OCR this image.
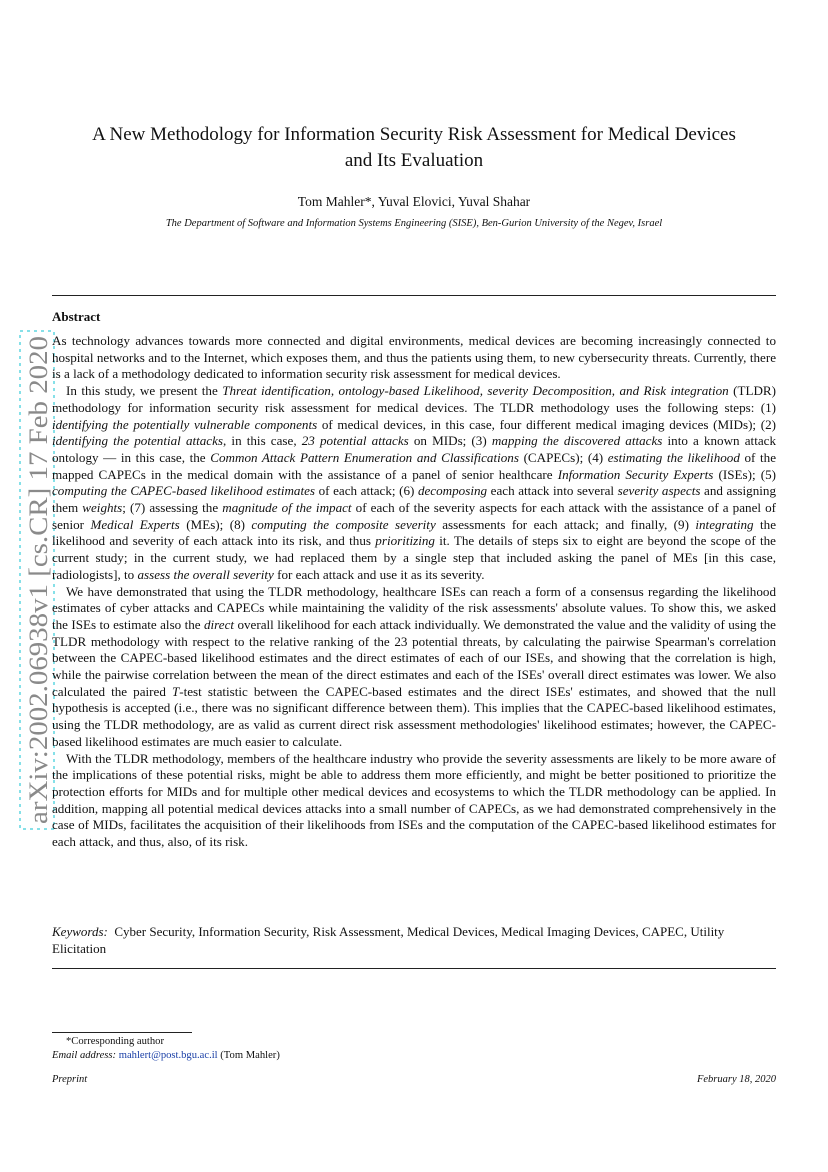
arXiv:2002.06938v1 [cs.CR] 17 Feb 2020
A New Methodology for Information Security Risk Assessment for Medical Devices
and Its Evaluation
Tom Mahler*, Yuval Elovici, Yuval Shahar
The Department of Software and Information Systems Engineering (SISE), Ben-Gurion University of the Negev, Israel
Abstract

As technology advances towards more connected and digital environments, medical devices are becoming increasingly connected to hospital networks and to the Internet, which exposes them, and thus the patients using them, to new cybersecurity threats. Currently, there is a lack of a methodology dedicated to information security risk assessment for medical devices.

In this study, we present the Threat identification, ontology-based Likelihood, severity Decomposition, and Risk integration (TLDR) methodology for information security risk assessment for medical devices. The TLDR methodology uses the following steps: (1) identifying the potentially vulnerable components of medical devices, in this case, four different medical imaging devices (MIDs); (2) identifying the potential attacks, in this case, 23 potential attacks on MIDs; (3) mapping the discovered attacks into a known attack ontology — in this case, the Common Attack Pattern Enumeration and Classifications (CAPECs); (4) estimating the likelihood of the mapped CAPECs in the medical domain with the assistance of a panel of senior healthcare Information Security Experts (ISEs); (5) computing the CAPEC-based likelihood estimates of each attack; (6) decomposing each attack into several severity aspects and assigning them weights; (7) assessing the magnitude of the impact of each of the severity aspects for each attack with the assistance of a panel of senior Medical Experts (MEs); (8) computing the composite severity assessments for each attack; and finally, (9) integrating the likelihood and severity of each attack into its risk, and thus prioritizing it. The details of steps six to eight are beyond the scope of the current study; in the current study, we had replaced them by a single step that included asking the panel of MEs [in this case, radiologists], to assess the overall severity for each attack and use it as its severity.

We have demonstrated that using the TLDR methodology, healthcare ISEs can reach a form of a consensus regarding the likelihood estimates of cyber attacks and CAPECs while maintaining the validity of the risk assessments' absolute values. To show this, we asked the ISEs to estimate also the direct overall likelihood for each attack individually. We demonstrated the value and the validity of using the TLDR methodology with respect to the relative ranking of the 23 potential threats, by calculating the pairwise Spearman's correlation between the CAPEC-based likelihood estimates and the direct estimates of each of our ISEs, and showing that the correlation is high, while the pairwise correlation between the mean of the direct estimates and each of the ISEs' overall direct estimates was lower. We also calculated the paired T-test statistic between the CAPEC-based estimates and the direct ISEs' estimates, and showed that the null hypothesis is accepted (i.e., there was no significant difference between them). This implies that the CAPEC-based likelihood estimates, using the TLDR methodology, are as valid as current direct risk assessment methodologies' likelihood estimates; however, the CAPEC-based likelihood estimates are much easier to calculate.

With the TLDR methodology, members of the healthcare industry who provide the severity assessments are likely to be more aware of the implications of these potential risks, might be able to address them more efficiently, and might be better positioned to prioritize the protection efforts for MIDs and for multiple other medical devices and ecosystems to which the TLDR methodology can be applied. In addition, mapping all potential medical devices attacks into a small number of CAPECs, as we had demonstrated comprehensively in the case of MIDs, facilitates the acquisition of their likelihoods from ISEs and the computation of the CAPEC-based likelihood estimates for each attack, and thus, also, of its risk.

Keywords: Cyber Security, Information Security, Risk Assessment, Medical Devices, Medical Imaging Devices, CAPEC, Utility Elicitation
*Corresponding author
Email address: mahlert@post.bgu.ac.il (Tom Mahler)
Preprint	February 18, 2020
